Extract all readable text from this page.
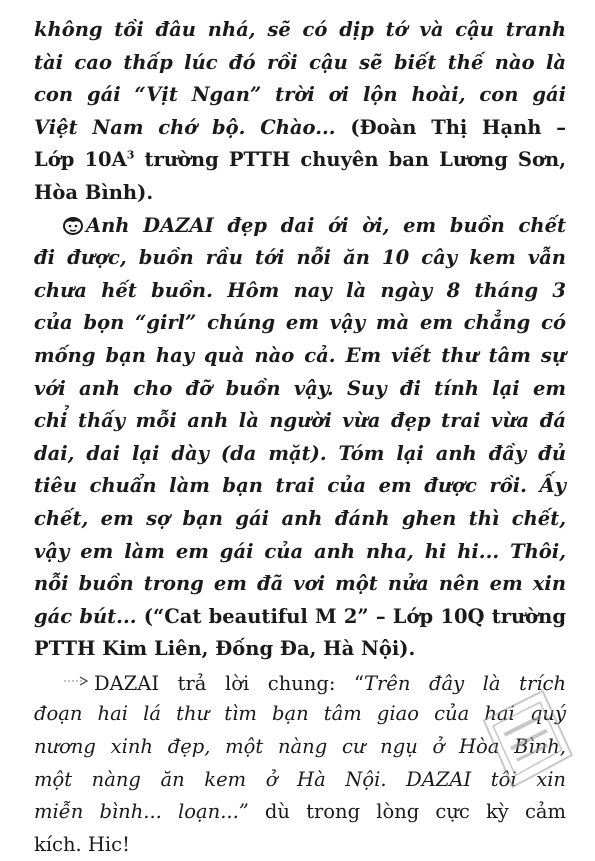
không tồi đâu nhá, sẽ có dịp tớ và cậu tranh
tài cao thấp lúc đó rồi cậu sẽ biết thế nào là
con gái “Vịt Ngan” trời ơi lộn hoài, con gái
Việt Nam chớ bộ. Chào... (Đoàn Thị Hạnh –
Lớp $10A^3$ trường PTTH chuyên ban Lương Sơn,
Hòa Bình).
Anh DAZAI đẹp dai ới ời, em buồn chết
đi được, buồn rầu tới nỗi ăn 10 cây kem vẫn
chưa hết buồn. Hôm nay là ngày 8 tháng 3
của bọn “girl” chúng em vậy mà em chẳng có
mống bạn hay quà nào cả. Em viết thư tâm sự
với anh cho đỡ buồn vậy. Suy đi tính lại em
chỉ thấy mỗi anh là người vừa đẹp trai vừa đá
dai, dai lại dày (da mặt). Tóm lại anh đầy đủ
tiêu chuẩn làm bạn trai của em được rồi. Ấy
chết, em sợ bạn gái anh đánh ghen thì chết,
vậy em làm em gái của anh nha, hi hi... Thôi,
nỗi buồn trong em đã vơi một nửa nên em xin
gác bút... (“Cat beautiful M 2” – Lớp 10Q trường
PTTH Kim Liên, Đống Đa, Hà Nội).
DAZAI trả lời chung: “Trên đây là trích
đoạn hai lá thư tìm bạn tâm giao của hai quý
nương xinh đẹp, một nàng cư ngụ ở Hòa Bình,
một nàng ăn kem ở Hà Nội. DAZAI tôi xin
miễn bình... loạn...” dù trong lòng cực kỳ cảm
kích. Hic!
